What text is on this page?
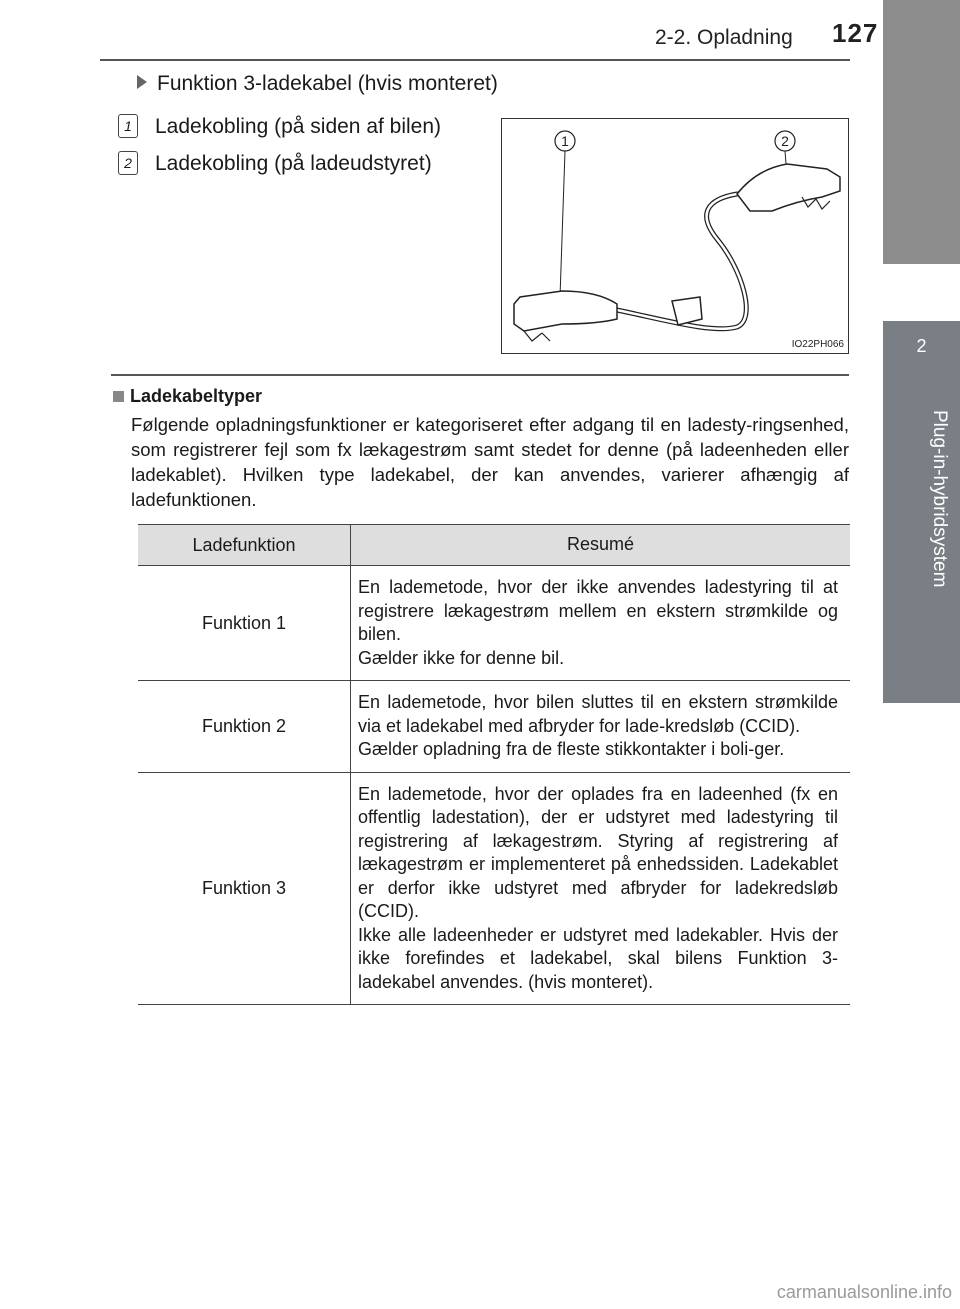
2-2. Opladning 127
2
Plug-in-hybridsystem
Funktion 3-ladekabel (hvis monteret)
1 Ladekobling (på siden af bilen)
2 Ladekobling (på ladeudstyret)
1	2
IO22PH066
Ladekabeltyper
Følgende opladningsfunktioner er kategoriseret efter adgang til en ladesty-ringsenhed, som registrerer fejl som fx lækagestrøm samt stedet for denne (på ladeenheden eller ladekablet). Hvilken type ladekabel, der kan anvendes, varierer afhængig af ladefunktionen.
Ladefunktion	Resumé
Funktion 1	En lademetode, hvor der ikke anvendes ladestyring til at registrere lækagestrøm mellem en ekstern strømkilde og bilen.
Gælder ikke for denne bil.

Funktion 2	En lademetode, hvor bilen sluttes til en ekstern strømkilde via et ladekabel med afbryder for lade-kredsløb (CCID).
Gælder opladning fra de fleste stikkontakter i boli-ger.

Funktion 3	En lademetode, hvor der oplades fra en ladeenhed (fx en offentlig ladestation), der er udstyret med ladestyring til registrering af lækagestrøm. Styring af registrering af lækagestrøm er implementeret på enhedssiden. Ladekablet er derfor ikke udstyret med afbryder for ladekredsløb (CCID).
Ikke alle ladeenheder er udstyret med ladekabler. Hvis der ikke forefindes et ladekabel, skal bilens Funktion 3-ladekabel anvendes. (hvis monteret).
carmanualsonline.info
